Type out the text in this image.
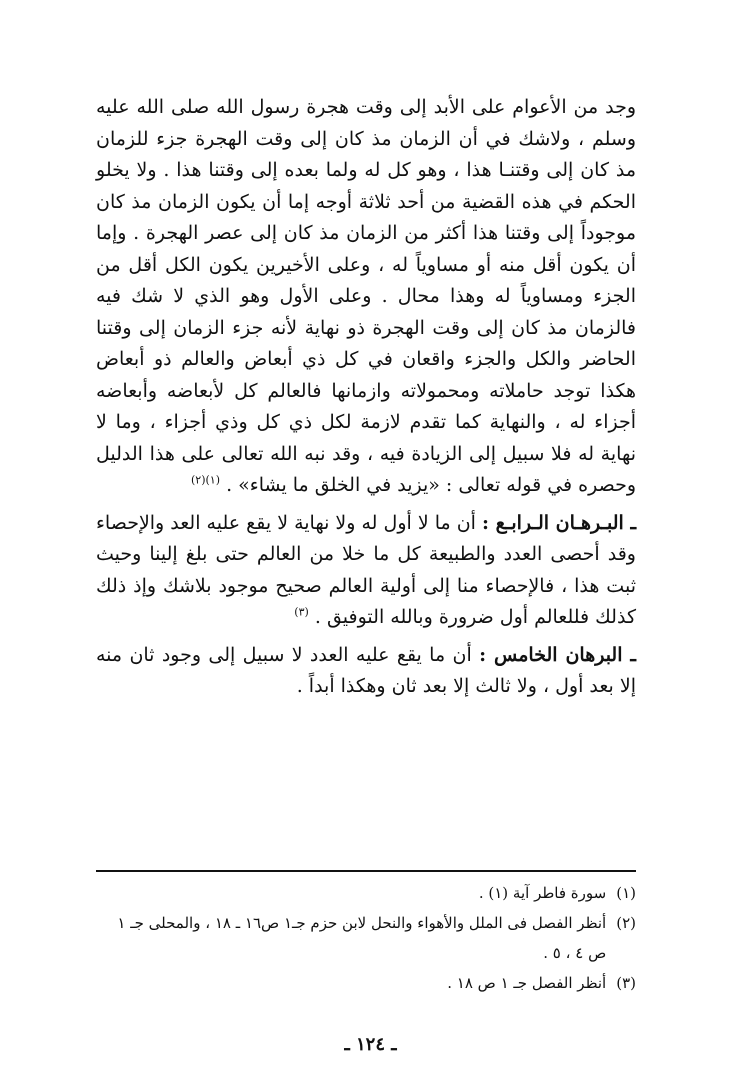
وجد من الأعوام على الأبد إلى وقت هجرة رسول الله صلى الله عليه وسلم ، ولاشك في أن الزمان مذ كان إلى وقت الهجرة جزء للزمان مذ كان إلى وقتنـا هذا ، وهو كل له ولما بعده إلى وقتنا هذا . ولا يخلو الحكم في هذه القضية من أحد ثلاثة أوجه إما أن يكون الزمان مذ كان موجوداً إلى وقتنا هذا أكثر من الزمان مذ كان إلى عصر الهجرة . وإما أن يكون أقل منه أو مساوياً له ، وعلى الأخيرين يكون الكل أقل من الجزء ومساوياً له وهذا محال . وعلى الأول وهو الذي لا شك فيه فالزمان مذ كان إلى وقت الهجرة ذو نهاية لأنه جزء الزمان إلى وقتنا الحاضر والكل والجزء واقعان في كل ذي أبعاض والعالم ذو أبعاض هكذا توجد حاملاته ومحمولاته وازمانها فالعالم كل لأبعاضه وأبعاضه أجزاء له ، والنهاية كما تقدم لازمة لكل ذي كل وذي أجزاء ، وما لا نهاية له فلا سبيل إلى الزيادة فيه ، وقد نبه الله تعالى على هذا الدليل وحصره في قوله تعالى : «يزيد في الخلق ما يشاء» . $^{(١)(٢)}$

ـ البـرهـان الـرابـع : أن ما لا أول له ولا نهاية لا يقع عليه العد والإحصاء وقد أحصى العدد والطبيعة كل ما خلا من العالم حتى بلغ إلينا وحيث ثبت هذا ، فالإحصاء منا إلى أولية العالم صحيح موجود بلاشك وإذ ذلك كذلك فللعالم أول ضرورة وبالله التوفيق . $^{(٣)}$

ـ البرهان الخامس : أن ما يقع عليه العدد لا سبيل إلى وجود ثان منه إلا بعد أول ، ولا ثالث إلا بعد ثان وهكذا أبداً .

(١)
سورة فاطر آية (١) .

(٢)
أنظر الفصل فى الملل والأهواء والنحل لابن حزم جـ١ ص١٦ ـ ١٨ ، والمحلى جـ ١ ص ٤ ، ٥ .

(٣)
أنظر الفصل جـ ١ ص ١٨ .

ـ ١٢٤ ـ
